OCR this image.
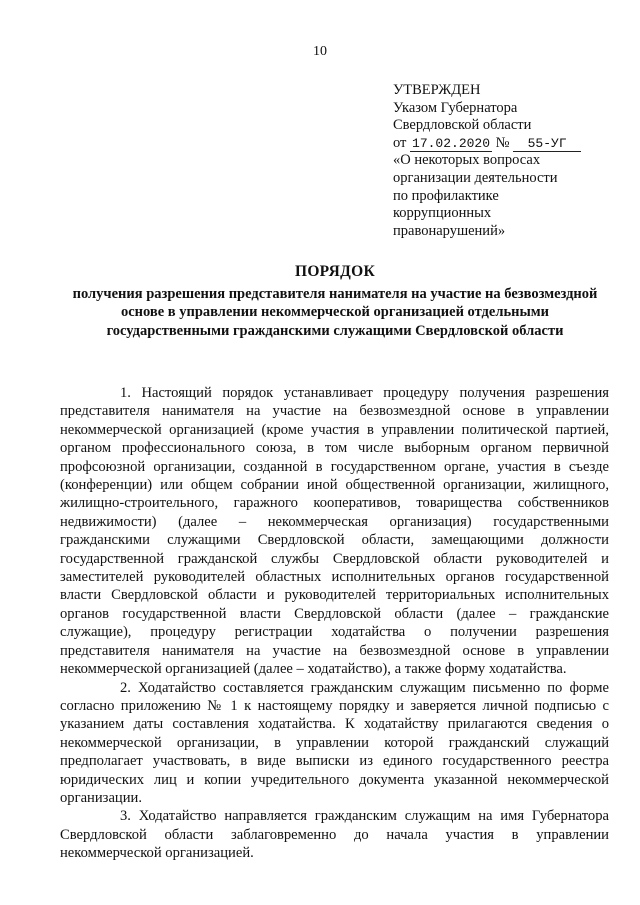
10
УТВЕРЖДЕН
Указом Губернатора
Свердловской области
от 17.02.2020 № 55-УГ
«О некоторых вопросах организации деятельности по профилактике коррупционных правонарушений»
ПОРЯДОК
получения разрешения представителя нанимателя на участие на безвозмездной основе в управлении некоммерческой организацией отдельными государственными гражданскими служащими Свердловской области

1. Настоящий порядок устанавливает процедуру получения разрешения представителя нанимателя на участие на безвозмездной основе в управлении некоммерческой организацией (кроме участия в управлении политической партией, органом профессионального союза, в том числе выборным органом первичной профсоюзной организации, созданной в государственном органе, участия в съезде (конференции) или общем собрании иной общественной организации, жилищного, жилищно-строительного, гаражного кооперативов, товарищества собственников недвижимости) (далее – некоммерческая организация) государственными гражданскими служащими Свердловской области, замещающими должности государственной гражданской службы Свердловской области руководителей и заместителей руководителей областных исполнительных органов государственной власти Свердловской области и руководителей территориальных исполнительных органов государственной власти Свердловской области (далее – гражданские служащие), процедуру регистрации ходатайства о получении разрешения представителя нанимателя на участие на безвозмездной основе в управлении некоммерческой организацией (далее – ходатайство), а также форму ходатайства.

2. Ходатайство составляется гражданским служащим письменно по форме согласно приложению № 1 к настоящему порядку и заверяется личной подписью с указанием даты составления ходатайства. К ходатайству прилагаются сведения о некоммерческой организации, в управлении которой гражданский служащий предполагает участвовать, в виде выписки из единого государственного реестра юридических лиц и копии учредительного документа указанной некоммерческой организации.

3. Ходатайство направляется гражданским служащим на имя Губернатора Свердловской области заблаговременно до начала участия в управлении некоммерческой организацией.
